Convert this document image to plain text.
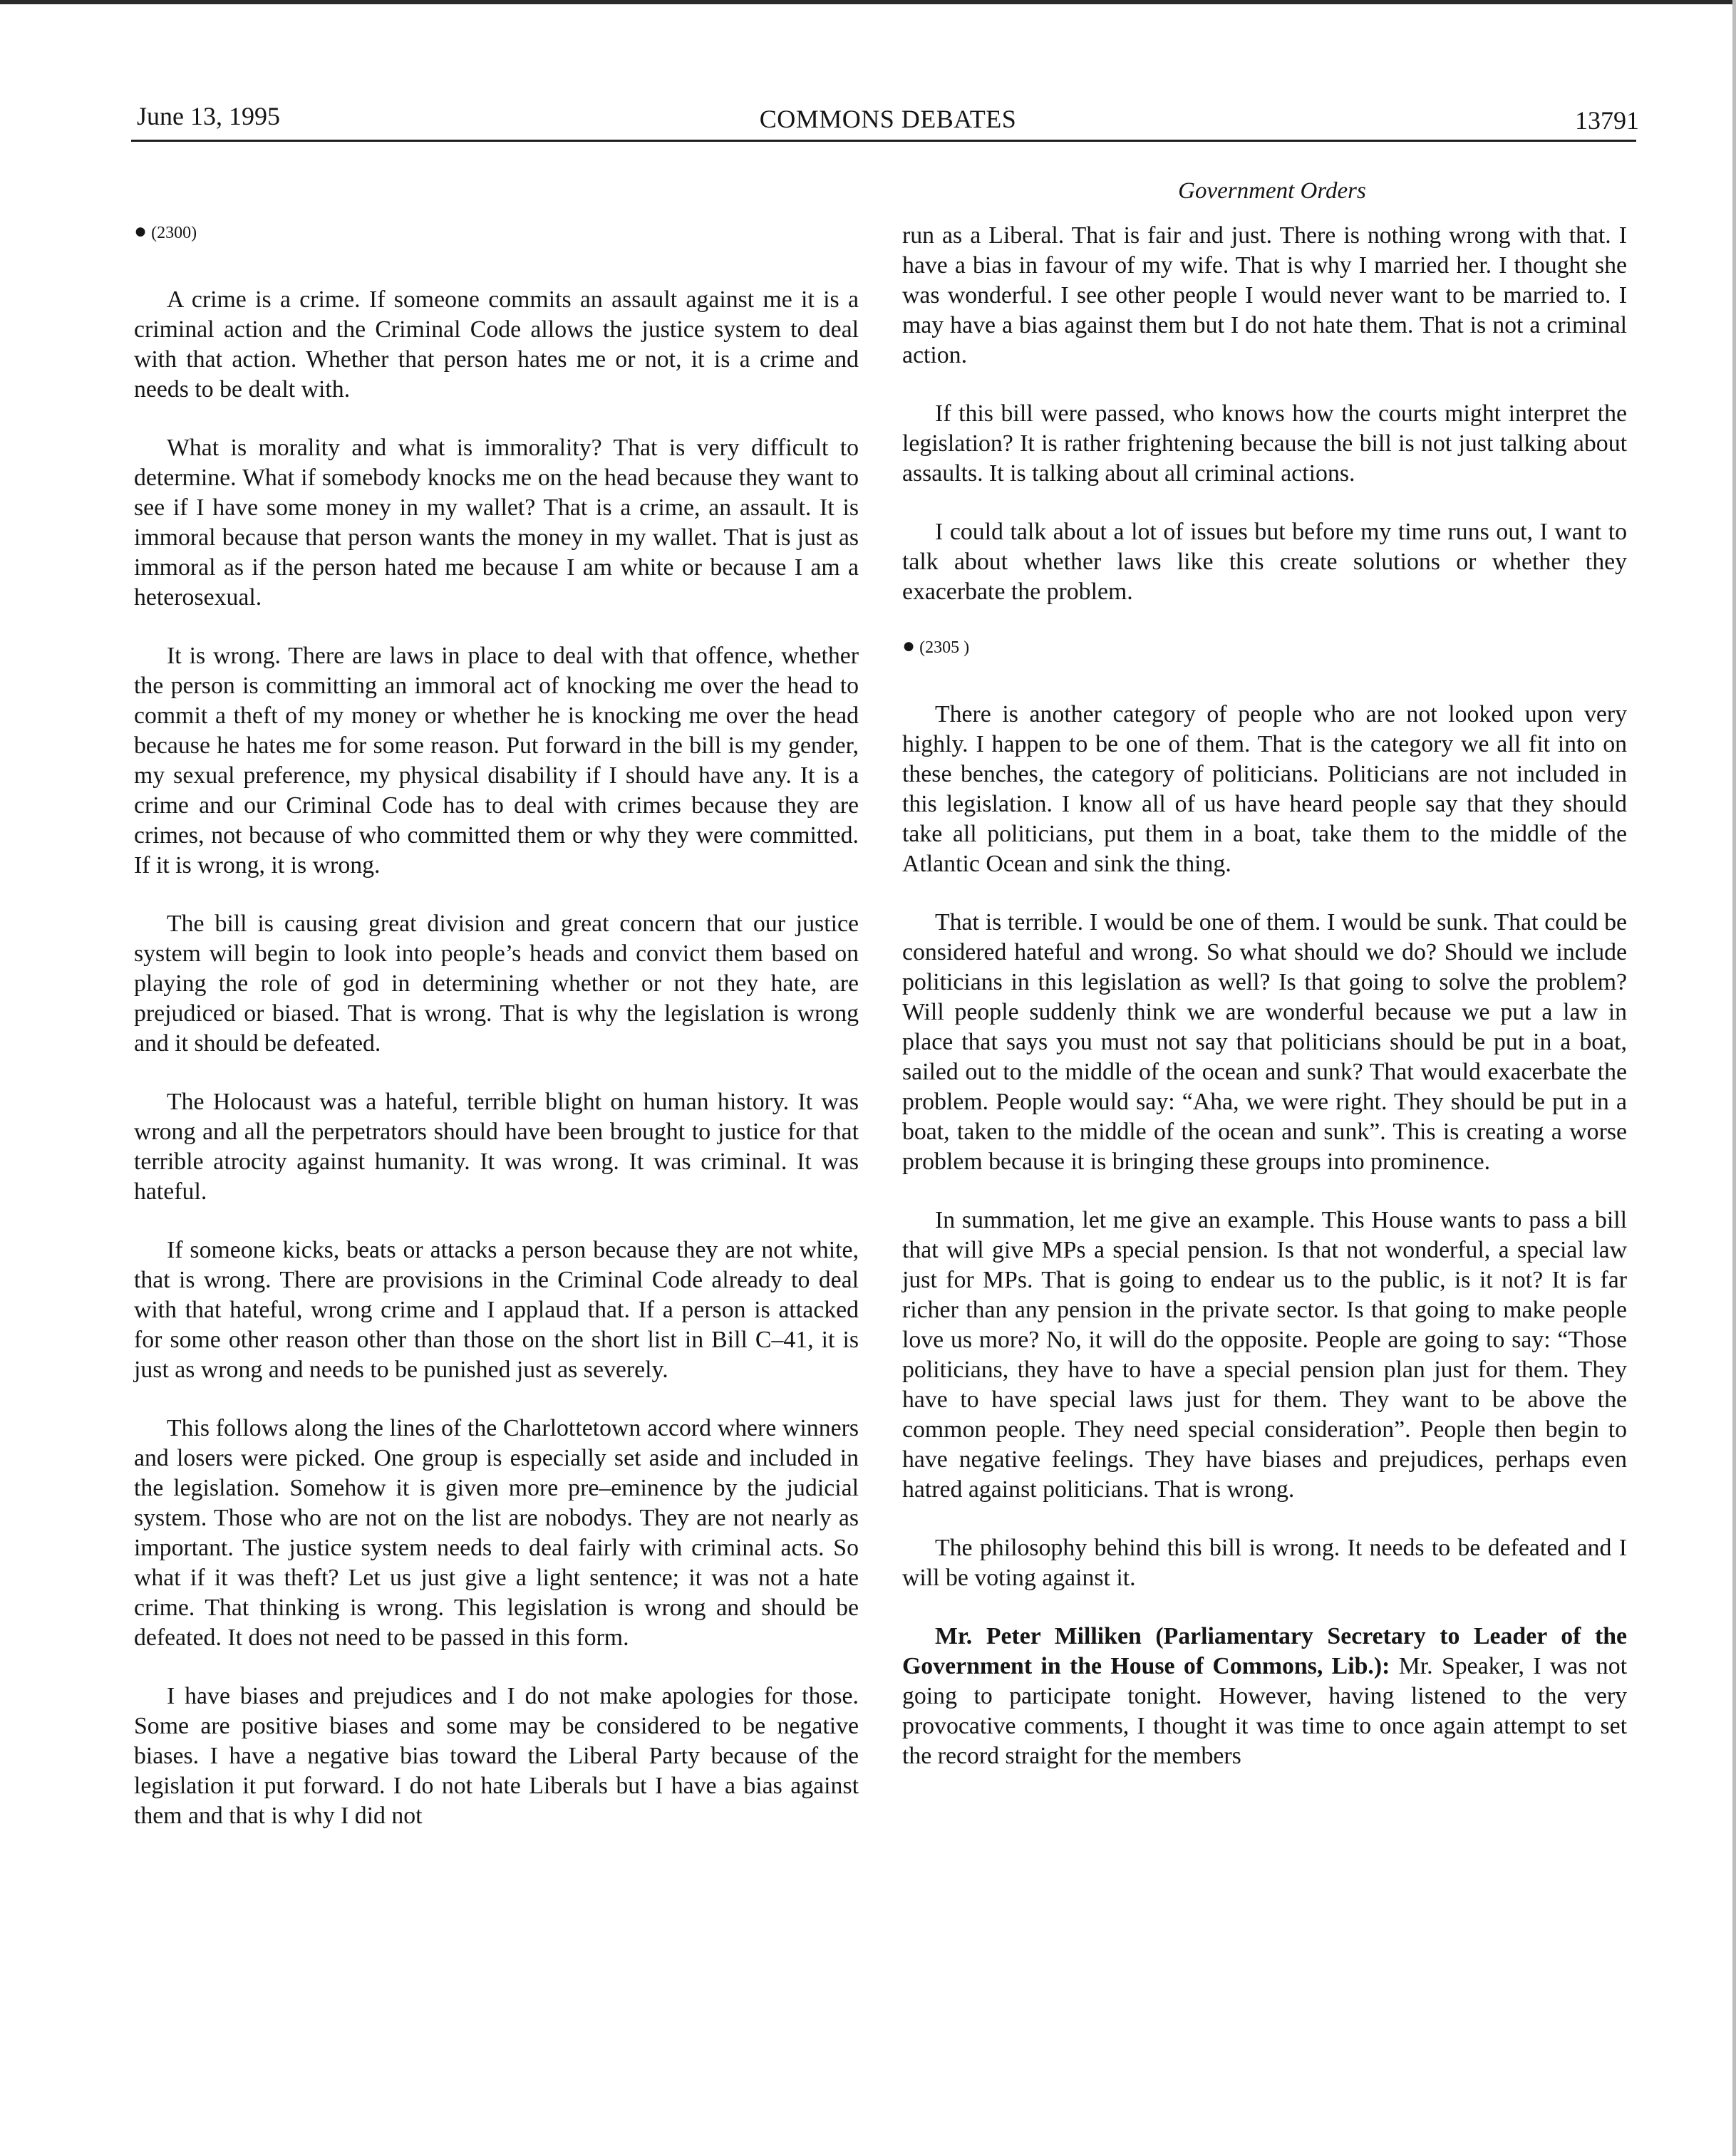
June 13, 1995	COMMONS DEBATES	13791
Government Orders
● (2300)

A crime is a crime. If someone commits an assault against me it is a criminal action and the Criminal Code allows the justice system to deal with that action. Whether that person hates me or not, it is a crime and needs to be dealt with.

What is morality and what is immorality? That is very difficult to determine. What if somebody knocks me on the head because they want to see if I have some money in my wallet? That is a crime, an assault. It is immoral because that person wants the money in my wallet. That is just as immoral as if the person hated me because I am white or because I am a heterosexual.

It is wrong. There are laws in place to deal with that offence, whether the person is committing an immoral act of knocking me over the head to commit a theft of my money or whether he is knocking me over the head because he hates me for some reason. Put forward in the bill is my gender, my sexual preference, my physical disability if I should have any. It is a crime and our Criminal Code has to deal with crimes because they are crimes, not because of who committed them or why they were committed. If it is wrong, it is wrong.

The bill is causing great division and great concern that our justice system will begin to look into people’s heads and convict them based on playing the role of god in determining whether or not they hate, are prejudiced or biased. That is wrong. That is why the legislation is wrong and it should be defeated.

The Holocaust was a hateful, terrible blight on human history. It was wrong and all the perpetrators should have been brought to justice for that terrible atrocity against humanity. It was wrong. It was criminal. It was hateful.

If someone kicks, beats or attacks a person because they are not white, that is wrong. There are provisions in the Criminal Code already to deal with that hateful, wrong crime and I applaud that. If a person is attacked for some other reason other than those on the short list in Bill C–41, it is just as wrong and needs to be punished just as severely.

This follows along the lines of the Charlottetown accord where winners and losers were picked. One group is especially set aside and included in the legislation. Somehow it is given more pre–eminence by the judicial system. Those who are not on the list are nobodys. They are not nearly as important. The justice system needs to deal fairly with criminal acts. So what if it was theft? Let us just give a light sentence; it was not a hate crime. That thinking is wrong. This legislation is wrong and should be defeated. It does not need to be passed in this form.

I have biases and prejudices and I do not make apologies for those. Some are positive biases and some may be considered to be negative biases. I have a negative bias toward the Liberal Party because of the legislation it put forward. I do not hate Liberals but I have a bias against them and that is why I did not

run as a Liberal. That is fair and just. There is nothing wrong with that. I have a bias in favour of my wife. That is why I married her. I thought she was wonderful. I see other people I would never want to be married to. I may have a bias against them but I do not hate them. That is not a criminal action.

If this bill were passed, who knows how the courts might interpret the legislation? It is rather frightening because the bill is not just talking about assaults. It is talking about all criminal actions.

I could talk about a lot of issues but before my time runs out, I want to talk about whether laws like this create solutions or whether they exacerbate the problem.

● (2305 )

There is another category of people who are not looked upon very highly. I happen to be one of them. That is the category we all fit into on these benches, the category of politicians. Politicians are not included in this legislation. I know all of us have heard people say that they should take all politicians, put them in a boat, take them to the middle of the Atlantic Ocean and sink the thing.

That is terrible. I would be one of them. I would be sunk. That could be considered hateful and wrong. So what should we do? Should we include politicians in this legislation as well? Is that going to solve the problem? Will people suddenly think we are wonderful because we put a law in place that says you must not say that politicians should be put in a boat, sailed out to the middle of the ocean and sunk? That would exacerbate the problem. People would say: “Aha, we were right. They should be put in a boat, taken to the middle of the ocean and sunk”. This is creating a worse problem because it is bringing these groups into prominence.

In summation, let me give an example. This House wants to pass a bill that will give MPs a special pension. Is that not wonderful, a special law just for MPs. That is going to endear us to the public, is it not? It is far richer than any pension in the private sector. Is that going to make people love us more? No, it will do the opposite. People are going to say: “Those politicians, they have to have a special pension plan just for them. They have to have special laws just for them. They want to be above the common people. They need special consideration”. People then begin to have negative feelings. They have biases and prejudices, perhaps even hatred against politicians. That is wrong.

The philosophy behind this bill is wrong. It needs to be defeated and I will be voting against it.

Mr. Peter Milliken (Parliamentary Secretary to Leader of the Government in the House of Commons, Lib.): Mr. Speaker, I was not going to participate tonight. However, having listened to the very provocative comments, I thought it was time to once again attempt to set the record straight for the members
